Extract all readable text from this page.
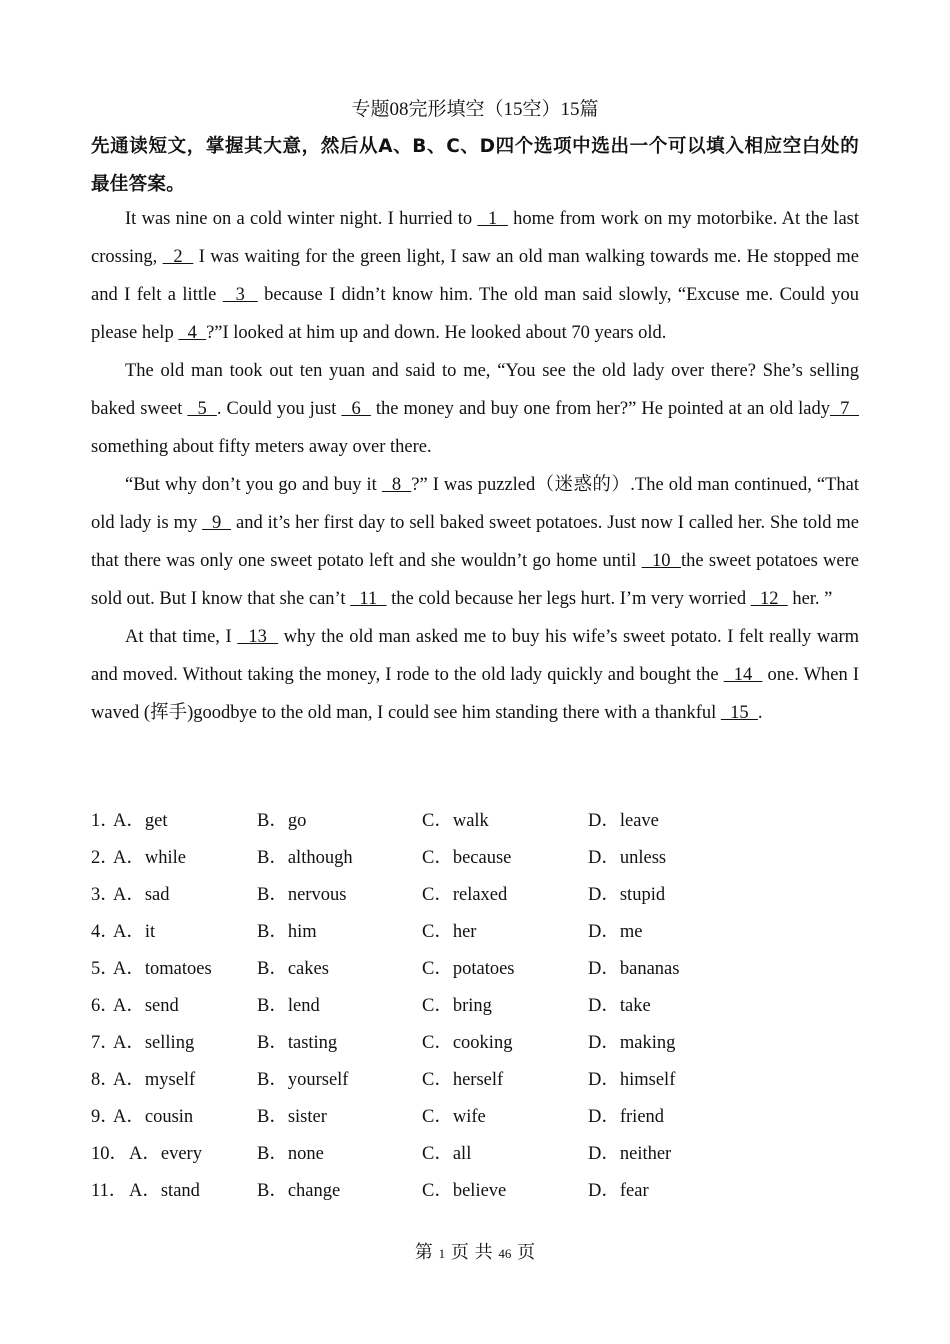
专题08完形填空（15空）15篇
先通读短文，掌握其大意，然后从A、B、C、D四个选项中选出一个可以填入相应空白处的最佳答案。

It was nine on a cold winter night. I hurried to   1   home from work on my motorbike. At the last crossing,   2   I was waiting for the green light, I saw an old man walking towards me. He stopped me and I felt a little   3   because I didn’t know him. The old man said slowly, “Excuse me. Could you please help   4  ?”I looked at him up and down. He looked about 70 years old.

The old man took out ten yuan and said to me, “You see the old lady over there? She’s selling baked sweet   5  . Could you just   6   the money and buy one from her?” He pointed at an old lady  7   something about fifty meters away over there.

“But why don’t you go and buy it   8  ?” I was puzzled（迷惑的）.The old man continued, “That old lady is my   9   and it’s her first day to sell baked sweet potatoes. Just now I called her. She told me that there was only one sweet potato left and she wouldn’t go home until   10  the sweet potatoes were sold out. But I know that she can’t   11   the cold because her legs hurt. I’m very worried   12   her. ”

At that time, I   13   why the old man asked me to buy his wife’s sweet potato. I felt really warm and moved. Without taking the money, I rode to the old lady quickly and bought the   14   one. When I waved (挥手)goodbye to the old man, I could see him standing there with a thankful   15  .

1．
A．get	B．go	C．walk	D．leave
2．
A．while	B．although	C．because	D．unless
3．
A．sad	B．nervous	C．relaxed	D．stupid
4．
A．it	B．him	C．her	D．me
5．
A．tomatoes B．cakes	C．potatoes	D．bananas
6．
A．send	B．lend	C．bring	D．take
7．
A．selling	B．tasting	C．cooking	D．making
8．
A．myself	B．yourself	C．herself	D．himself
9．
A．cousin	B．sister	C．wife	D．friend
10． A．every	B．none	C．all	D．neither
11． A．stand	B．change	C．believe	D．fear
第 1 页 共 46 页
